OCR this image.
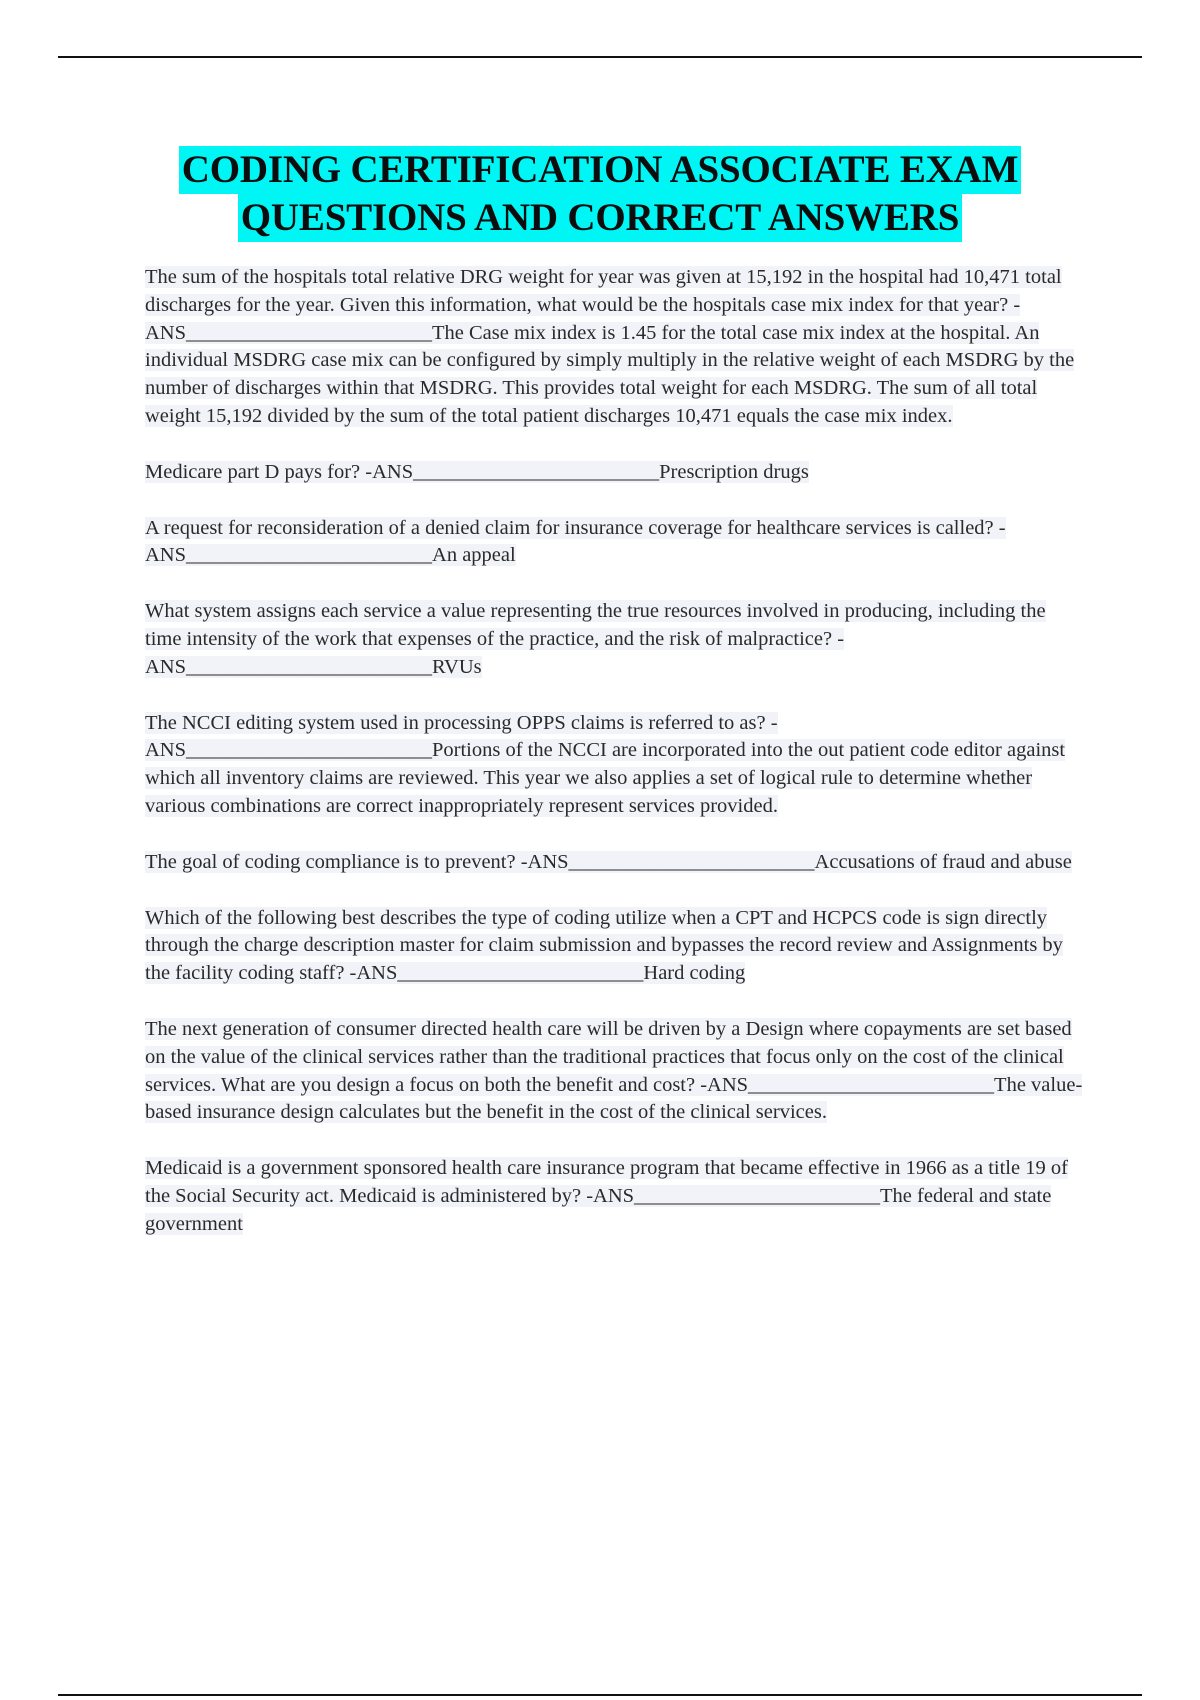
CODING CERTIFICATION ASSOCIATE EXAM
QUESTIONS AND CORRECT ANSWERS

The sum of the hospitals total relative DRG weight for year was given at 15,192 in the hospital had 10,471 total discharges for the year. Given this information, what would be the hospitals case mix index for that year? -ANS________________________The Case mix index is 1.45 for the total case mix index at the hospital. An individual MSDRG case mix can be configured by simply multiply in the relative weight of each MSDRG by the number of discharges within that MSDRG. This provides total weight for each MSDRG. The sum of all total weight 15,192 divided by the sum of the total patient discharges 10,471 equals the case mix index.

Medicare part D pays for? -ANS________________________Prescription drugs

A request for reconsideration of a denied claim for insurance coverage for healthcare services is called? -ANS________________________An appeal

What system assigns each service a value representing the true resources involved in producing, including the time intensity of the work that expenses of the practice, and the risk of malpractice? -ANS________________________RVUs

The NCCI editing system used in processing OPPS claims is referred to as? -ANS________________________Portions of the NCCI are incorporated into the out patient code editor against which all inventory claims are reviewed. This year we also applies a set of logical rule to determine whether various combinations are correct inappropriately represent services provided.

The goal of coding compliance is to prevent? -ANS________________________Accusations of fraud and abuse

Which of the following best describes the type of coding utilize when a CPT and HCPCS code is sign directly through the charge description master for claim submission and bypasses the record review and Assignments by the facility coding staff? -ANS________________________Hard coding

The next generation of consumer directed health care will be driven by a Design where copayments are set based on the value of the clinical services rather than the traditional practices that focus only on the cost of the clinical services. What are you design a focus on both the benefit and cost? -ANS________________________The value-based insurance design calculates but the benefit in the cost of the clinical services.

Medicaid is a government sponsored health care insurance program that became effective in 1966 as a title 19 of the Social Security act. Medicaid is administered by? -ANS________________________The federal and state government
